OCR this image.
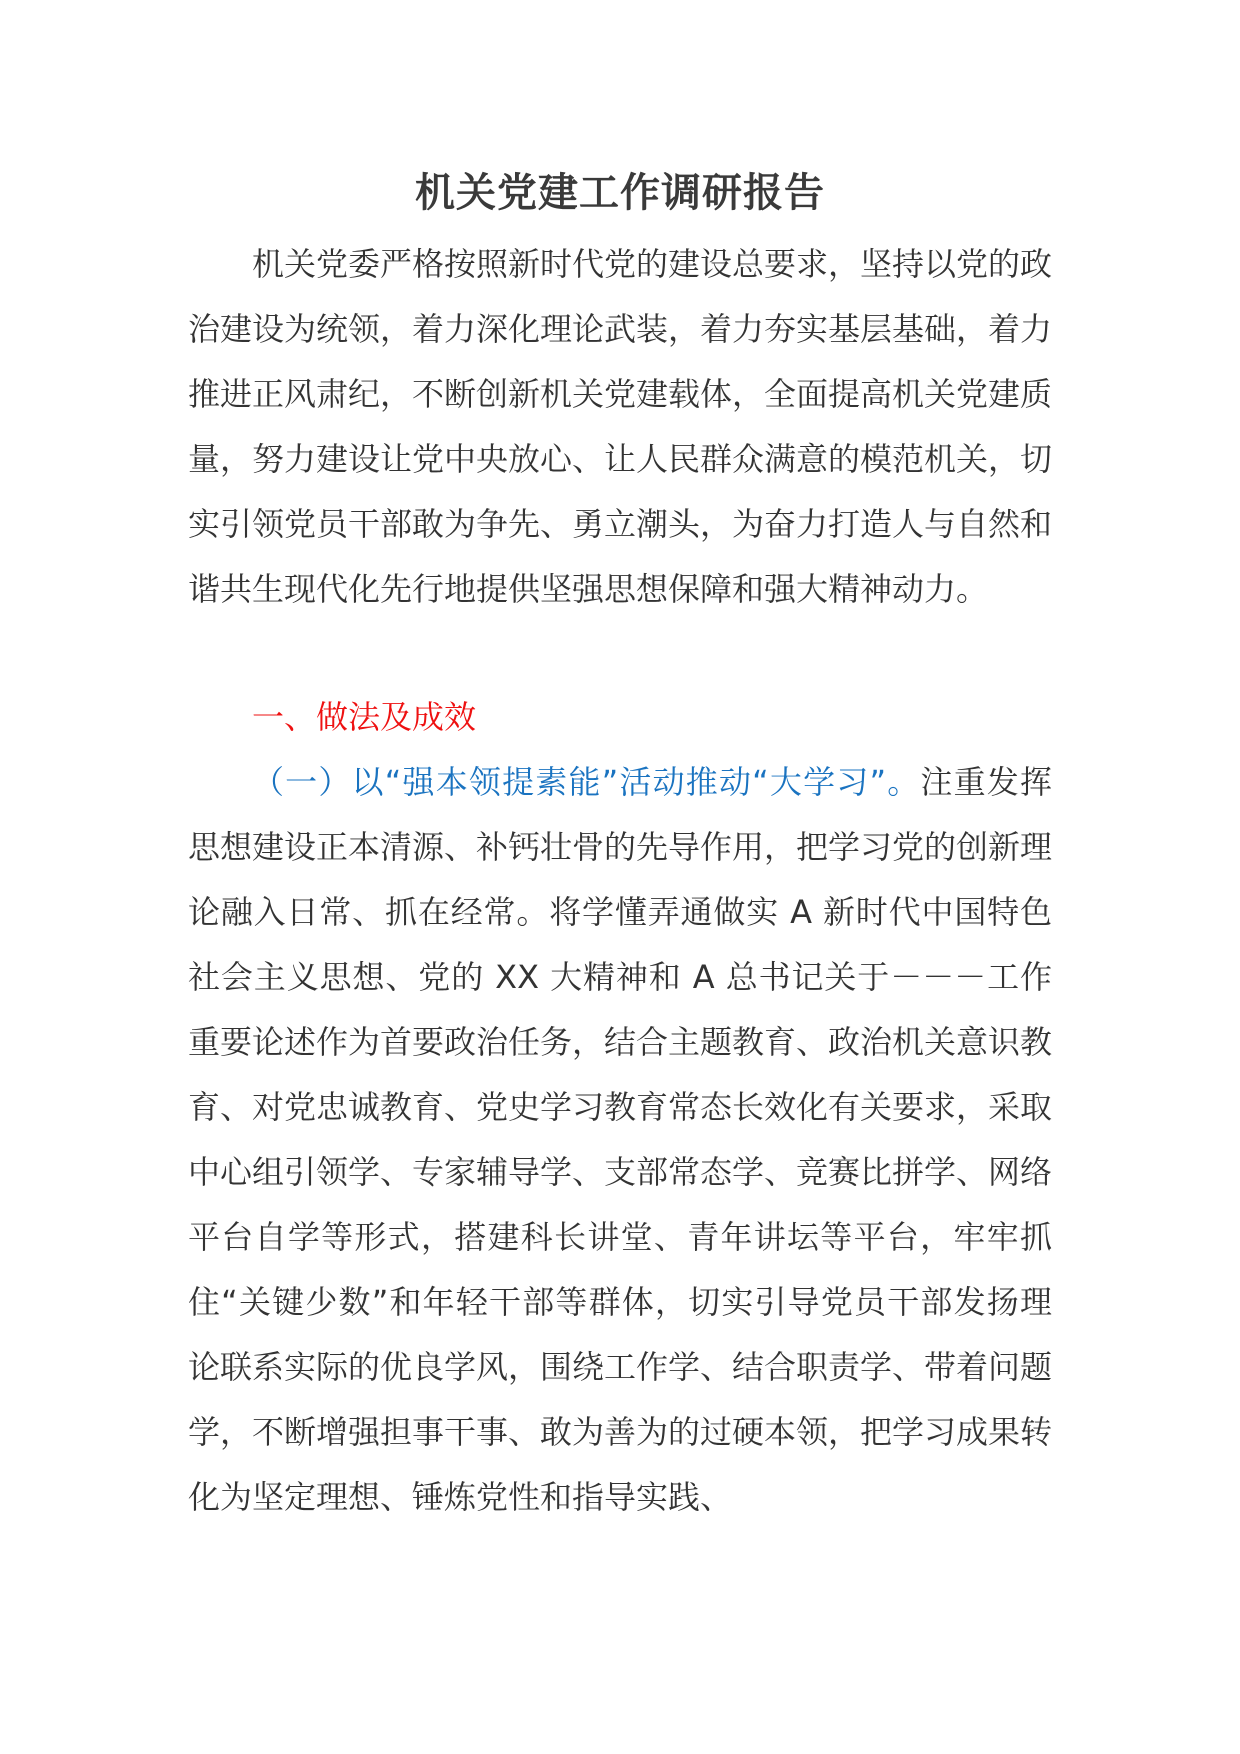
机关党建工作调研报告

机关党委严格按照新时代党的建设总要求，坚持以党的政治建设为统领，着力深化理论武装，着力夯实基层基础，着力推进正风肃纪，不断创新机关党建载体，全面提高机关党建质量，努力建设让党中央放心、让人民群众满意的模范机关，切实引领党员干部敢为争先、勇立潮头，为奋力打造人与自然和谐共生现代化先行地提供坚强思想保障和强大精神动力。

一、做法及成效

（一）以“强本领提素能”活动推动“大学习”。注重发挥思想建设正本清源、补钙壮骨的先导作用，把学习党的创新理论融入日常、抓在经常。将学懂弄通做实 A 新时代中国特色社会主义思想、党的 XX 大精神和 A 总书记关于－－－工作重要论述作为首要政治任务，结合主题教育、政治机关意识教育、对党忠诚教育、党史学习教育常态长效化有关要求，采取中心组引领学、专家辅导学、支部常态学、竞赛比拼学、网络平台自学等形式，搭建科长讲堂、青年讲坛等平台，牢牢抓住“关键少数”和年轻干部等群体，切实引导党员干部发扬理论联系实际的优良学风，围绕工作学、结合职责学、带着问题学，不断增强担事干事、敢为善为的过硬本领，把学习成果转化为坚定理想、锤炼党性和指导实践、
